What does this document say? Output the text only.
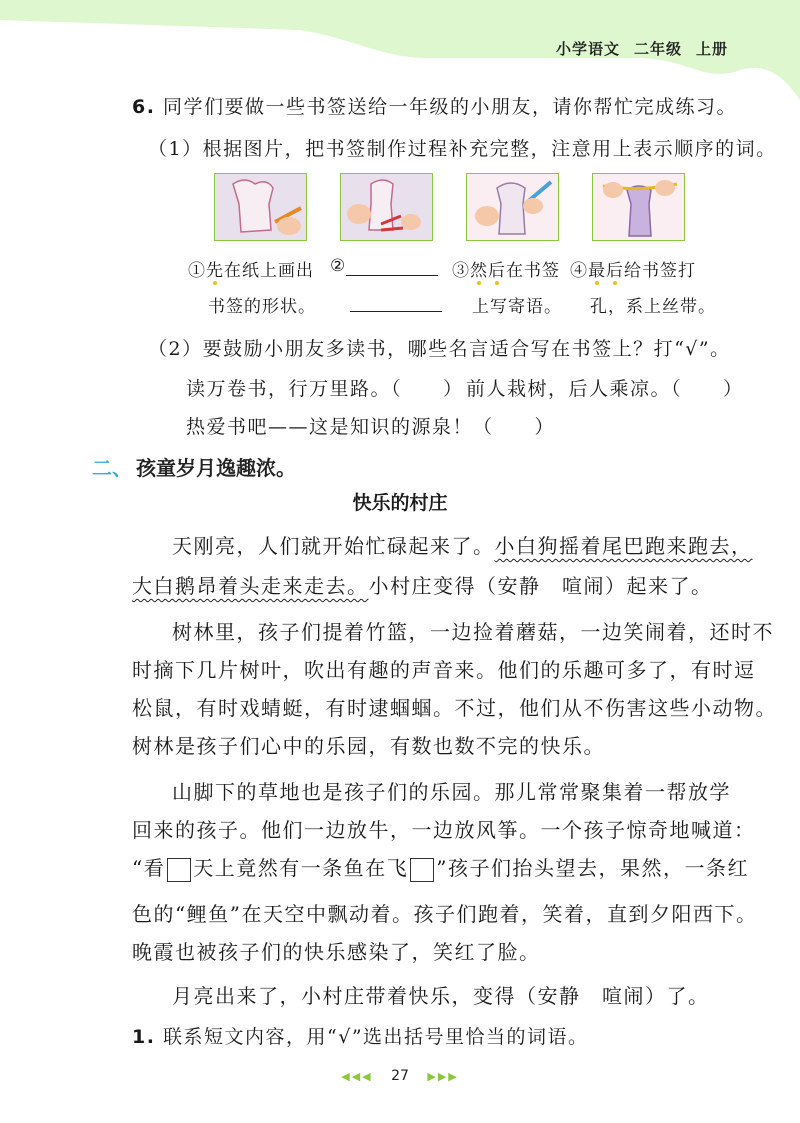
小学语文 二年级 上册
6. 同学们要做一些书签送给一年级的小朋友，请你帮忙完成练习。
（1）根据图片，把书签制作过程补充完整，注意用上表示顺序的词。
①先在纸上画出
书签的形状。
②	③然后在书签
上写寄语。
④最后给书签打
孔，系上丝带。
（2）要鼓励小朋友多读书，哪些名言适合写在书签上？打“√”。
读万卷书，行万里路。（　　） 前人栽树，后人乘凉。（　　）
热爱书吧——这是知识的源泉！（　　）
二、 孩童岁月逸趣浓。
快乐的村庄
天刚亮，人们就开始忙碌起来了。小白狗摇着尾巴跑来跑去，
大白鹅昂着头走来走去。小村庄变得（安静　喧闹）起来了。
树林里，孩子们提着竹篮，一边捡着蘑菇，一边笑闹着，还时不
时摘下几片树叶，吹出有趣的声音来。他们的乐趣可多了，有时逗
松鼠，有时戏蜻蜓，有时逮蝈蝈。不过，他们从不伤害这些小动物。
树林是孩子们心中的乐园，有数也数不完的快乐。
山脚下的草地也是孩子们的乐园。那儿常常聚集着一帮放学
回来的孩子。他们一边放牛，一边放风筝。一个孩子惊奇地喊道：
“看 天上竟然有一条鱼在飞 ”孩子们抬头望去，果然，一条红
色的“鲤鱼”在天空中飘动着。孩子们跑着，笑着，直到夕阳西下。
晚霞也被孩子们的快乐感染了，笑红了脸。
月亮出来了，小村庄带着快乐，变得（安静　喧闹）了。
1. 联系短文内容，用“√”选出括号里恰当的词语。
◀◀◀ 27 ▶▶▶
